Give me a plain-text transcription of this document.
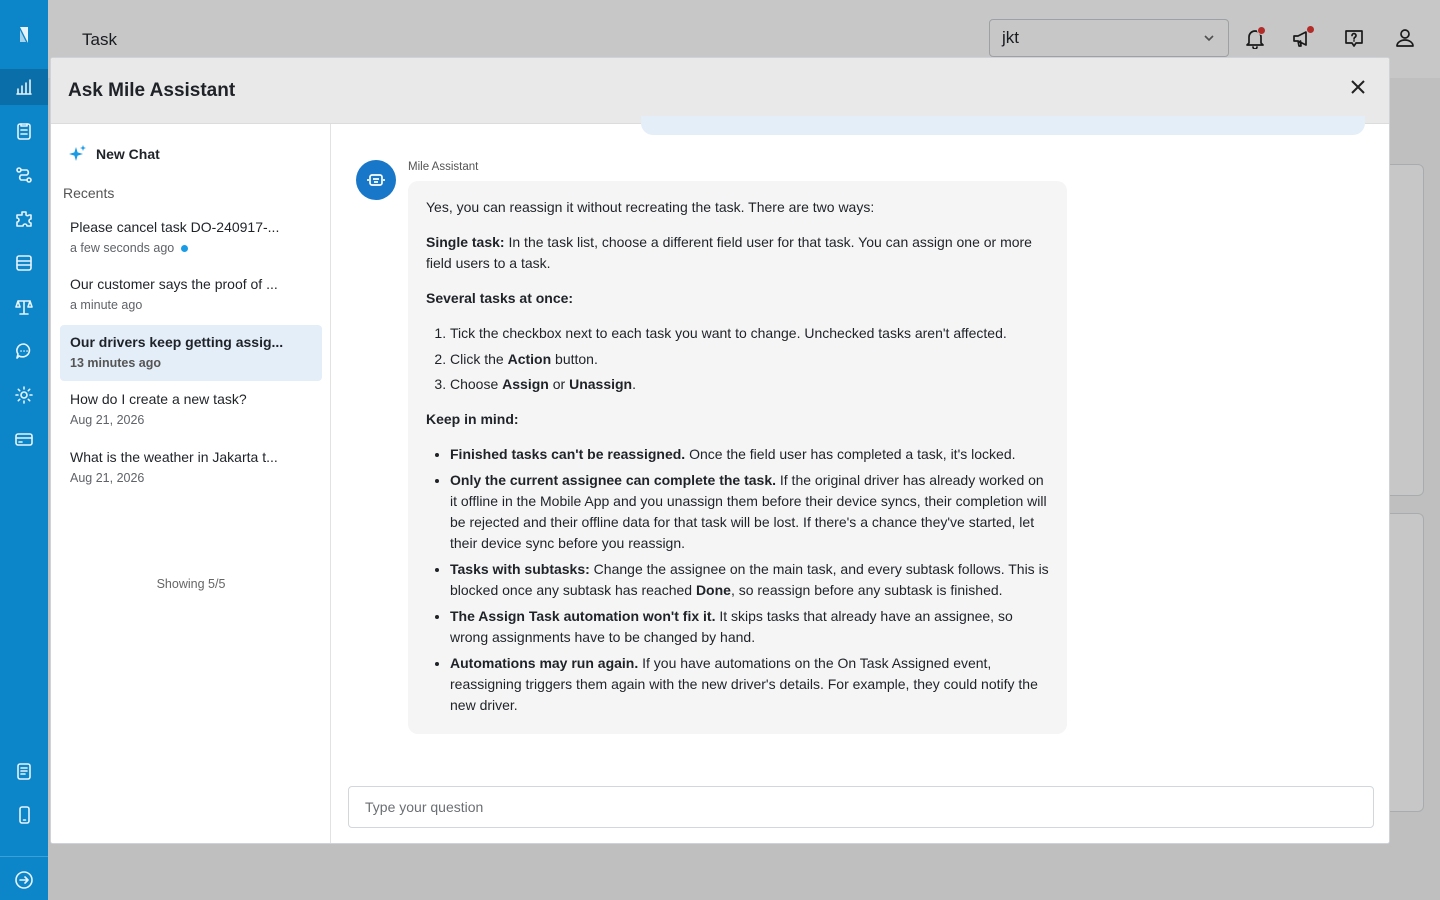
Task	jkt
Ask Mile Assistant
New Chat
Recents
Please cancel task DO-240917-...
a few seconds ago
Our customer says the proof of ...
a minute ago
Our drivers keep getting assig...
13 minutes ago
How do I create a new task?
Aug 21, 2026
What is the weather in Jakarta t...
Aug 21, 2026
Showing 5/5
Mile Assistant

Yes, you can reassign it without recreating the task. There are two ways:

Single task: In the task list, choose a different field user for that task. You can assign one or more field users to a task.

Several tasks at once:

1. Tick the checkbox next to each task you want to change. Unchecked tasks aren't affected.
2. Click the Action button.
3. Choose Assign or Unassign.

Keep in mind:

• Finished tasks can't be reassigned. Once the field user has completed a task, it's locked.
• Only the current assignee can complete the task. If the original driver has already worked on it offline in the Mobile App and you unassign them before their device syncs, their completion will be rejected and their offline data for that task will be lost. If there's a chance they've started, let their device sync before you reassign.
• Tasks with subtasks: Change the assignee on the main task, and every subtask follows. This is blocked once any subtask has reached Done, so reassign before any subtask is finished.
• The Assign Task automation won't fix it. It skips tasks that already have an assignee, so wrong assignments have to be changed by hand.
• Automations may run again. If you have automations on the On Task Assigned event, reassigning triggers them again with the new driver's details. For example, they could notify the new driver.
Type your question
